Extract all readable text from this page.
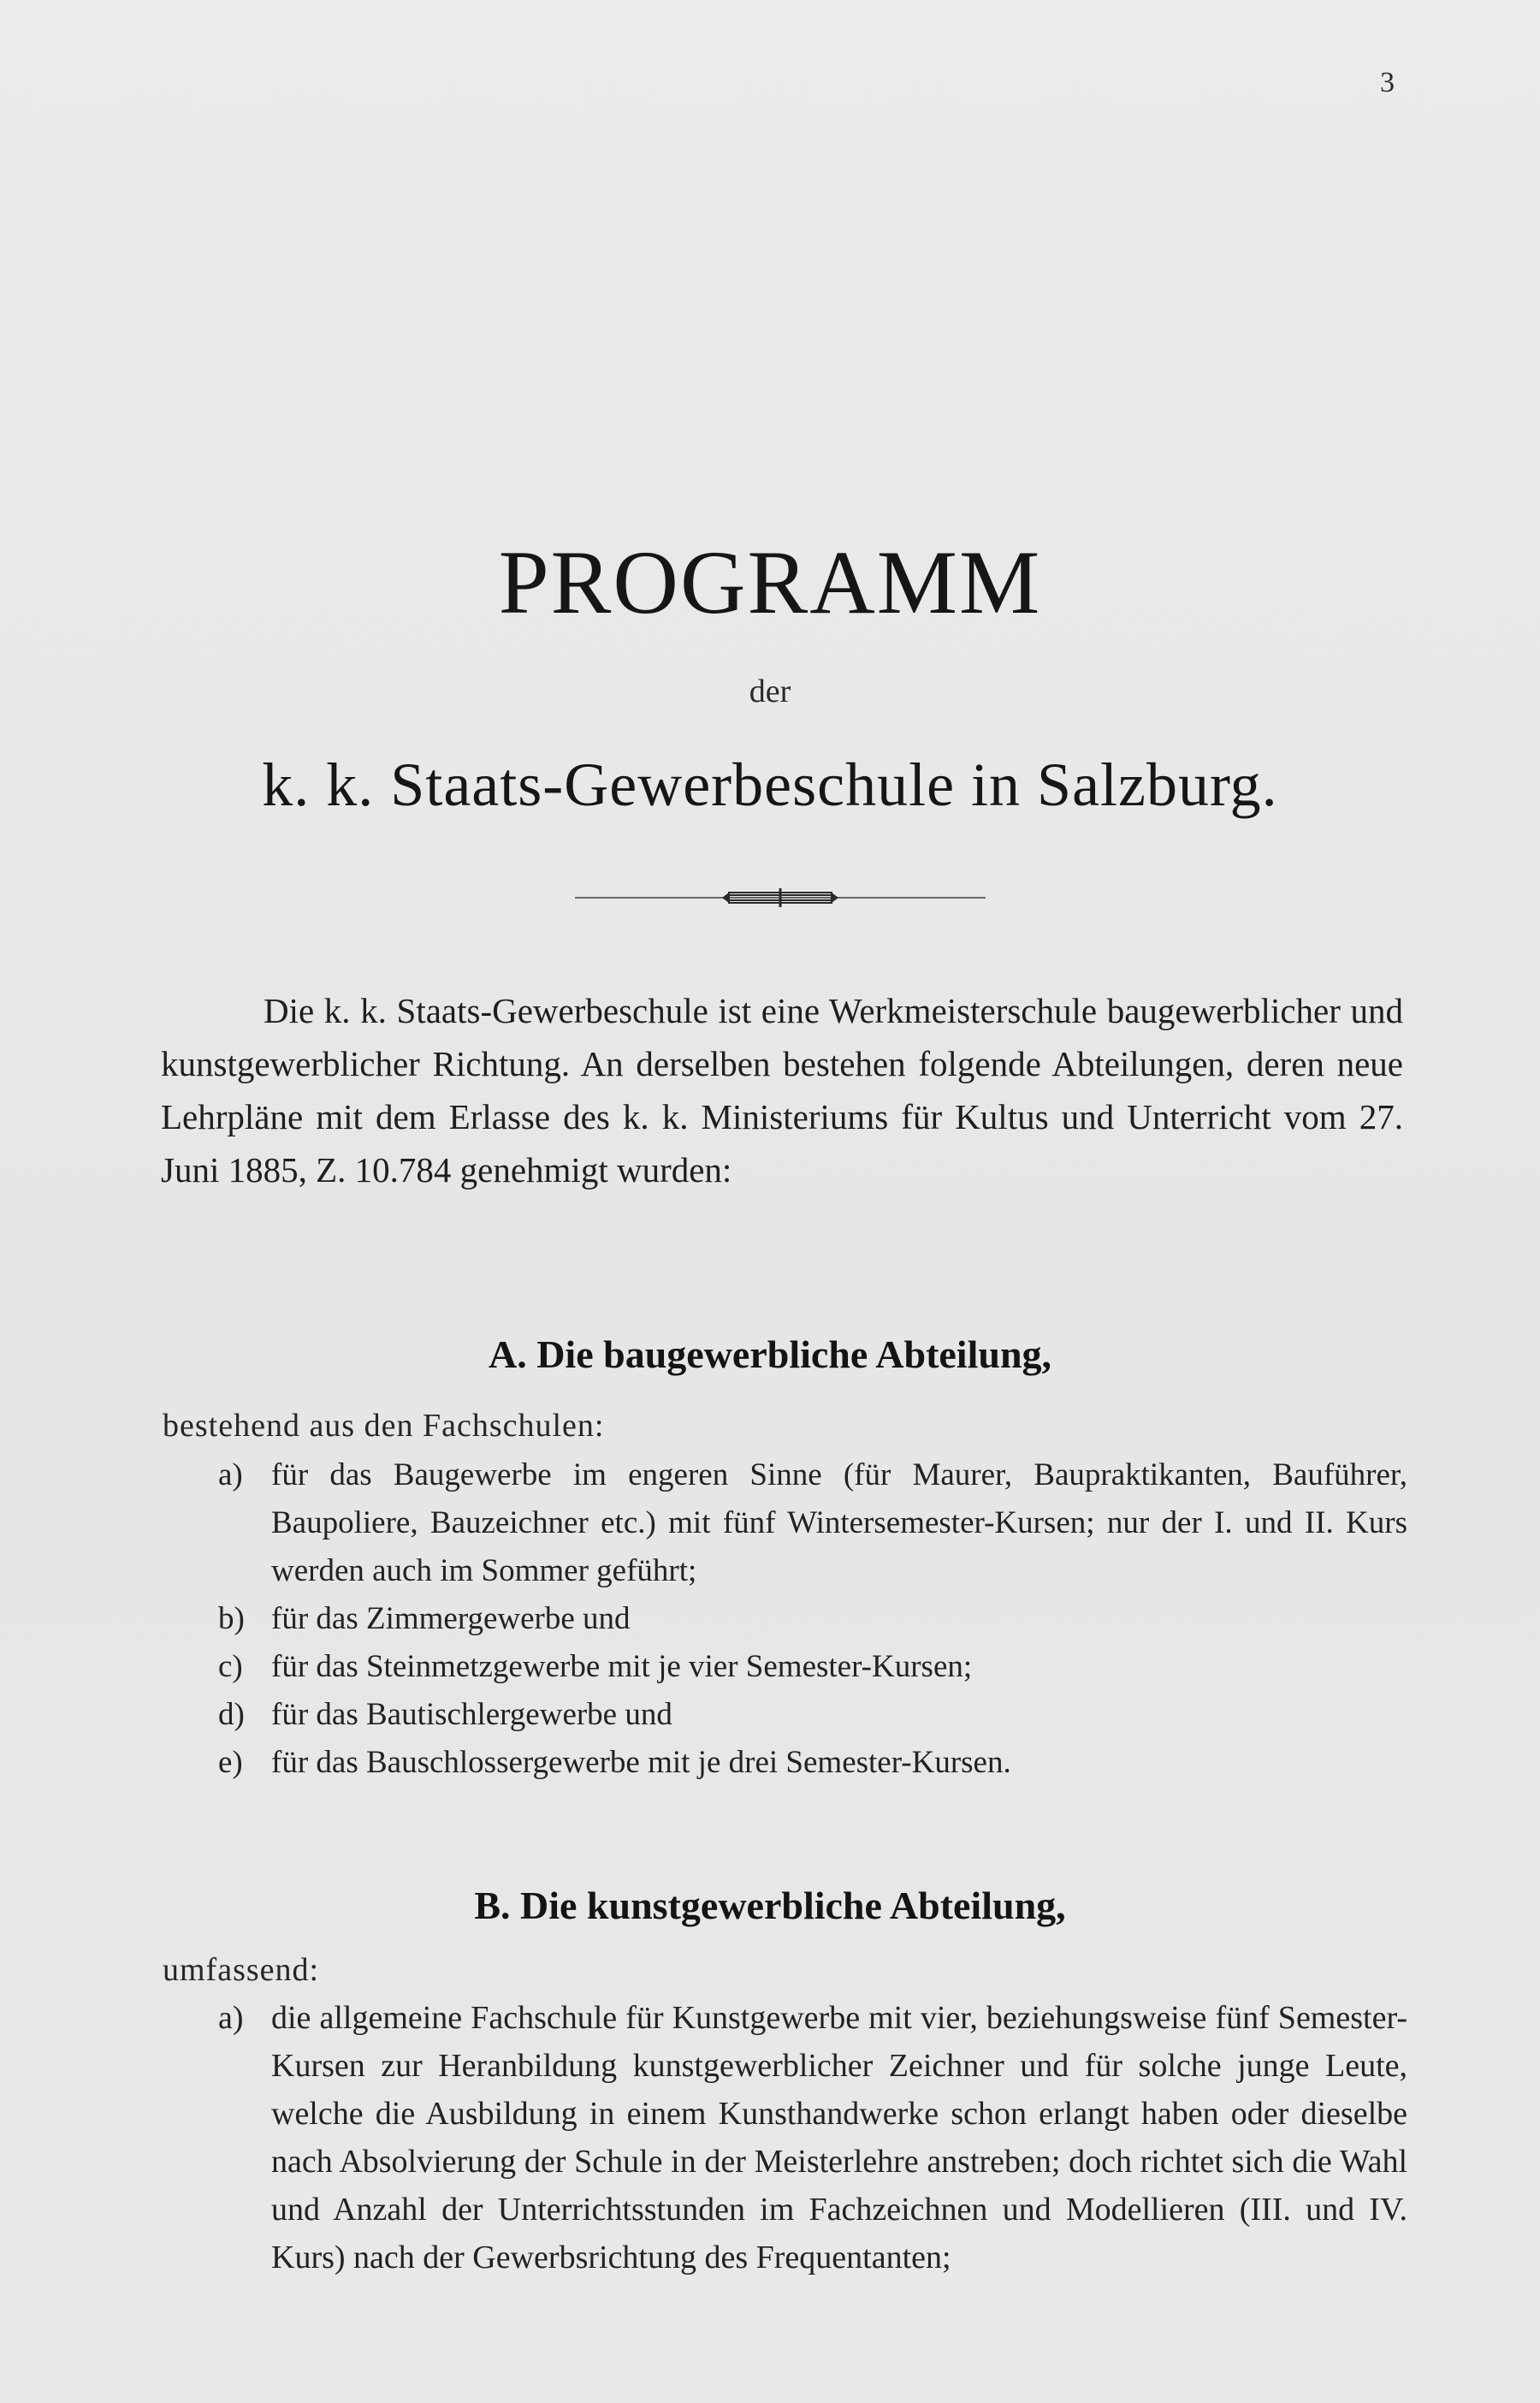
3
PROGRAMM
der
k. k. Staats-Gewerbeschule in Salzburg.

Die k. k. Staats-Gewerbeschule ist eine Werkmeisterschule baugewerblicher und kunstgewerblicher Richtung. An derselben bestehen folgende Abteilungen, deren neue Lehrpläne mit dem Erlasse des k. k. Ministeriums für Kultus und Unterricht vom 27. Juni 1885, Z. 10.784 genehmigt wurden:

A. Die baugewerbliche Abteilung,
bestehend aus den Fachschulen:
a) für das Baugewerbe im engeren Sinne (für Maurer, Baupraktikanten, Bauführer, Baupoliere, Bauzeichner etc.) mit fünf Wintersemester-Kursen; nur der I. und II. Kurs werden auch im Sommer geführt;
b) für das Zimmergewerbe und
c) für das Steinmetzgewerbe mit je vier Semester-Kursen;
d) für das Bautischlergewerbe und
e) für das Bauschlossergewerbe mit je drei Semester-Kursen.
B. Die kunstgewerbliche Abteilung,
umfassend:
a) die allgemeine Fachschule für Kunstgewerbe mit vier, beziehungsweise fünf Semester-Kursen zur Heranbildung kunstgewerblicher Zeichner und für solche junge Leute, welche die Ausbildung in einem Kunsthandwerke schon erlangt haben oder dieselbe nach Absolvierung der Schule in der Meisterlehre anstreben; doch richtet sich die Wahl und Anzahl der Unterrichtsstunden im Fachzeichnen und Modellieren (III. und IV. Kurs) nach der Gewerbsrichtung des Frequentanten;
